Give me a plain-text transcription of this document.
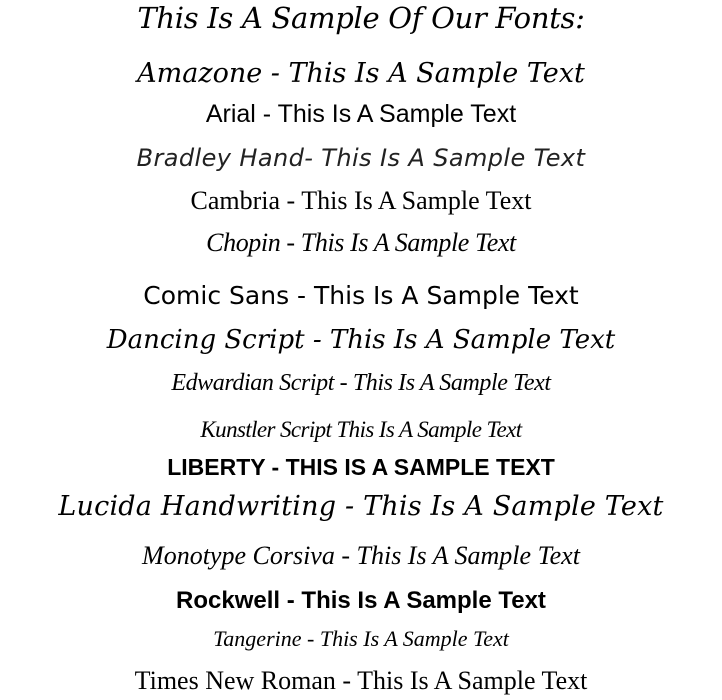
This Is A Sample Of Our Fonts:
Amazone - This Is A Sample Text
Arial - This Is A Sample Text
Bradley Hand- This Is A Sample Text
Cambria - This Is A Sample Text
Chopin - This Is A Sample Text
Comic Sans - This Is A Sample Text
Dancing Script - This Is A Sample Text
Edwardian Script - This Is A Sample Text
Kunstler Script This Is A Sample Text
LIBERTY - THIS IS A SAMPLE TEXT
Lucida Handwriting - This Is A Sample Text
Monotype Corsiva - This Is A Sample Text
Rockwell - This Is A Sample Text
Tangerine - This Is A Sample Text
Times New Roman - This Is A Sample Text
